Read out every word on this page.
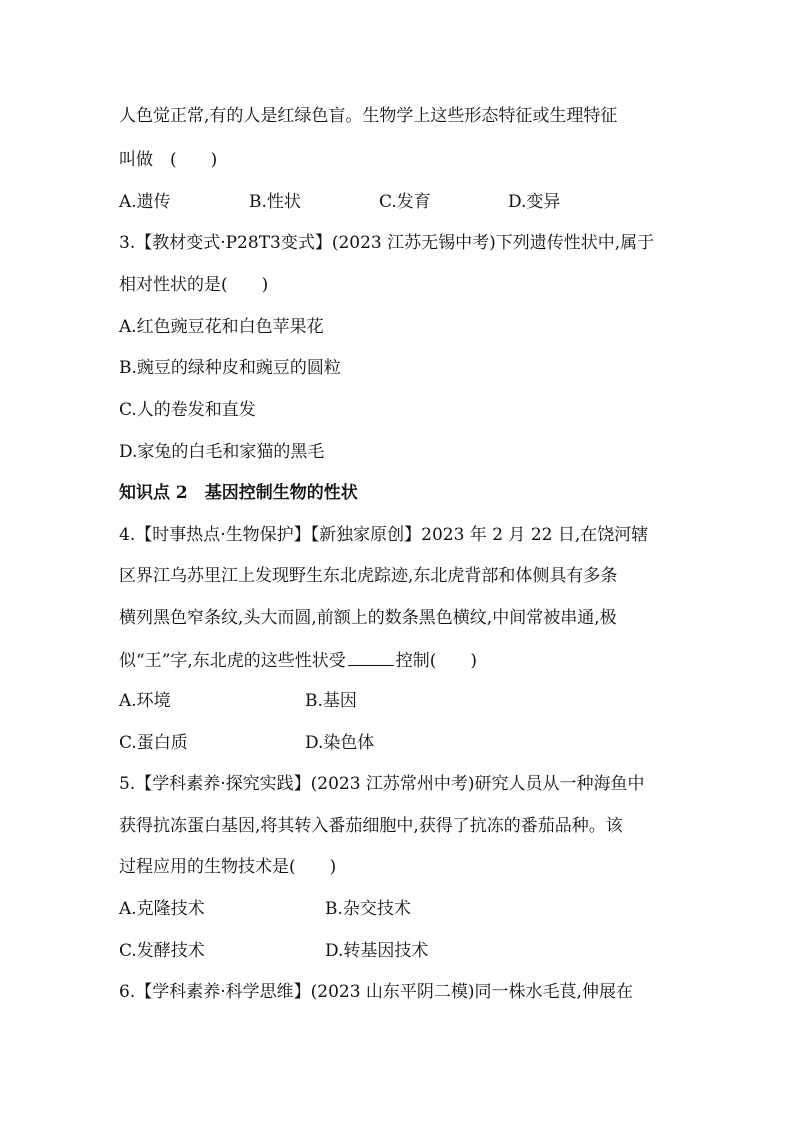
人色觉正常,有的人是红绿色盲。生物学上这些形态特征或生理特征
叫做　(　　)
A.遗传	B.性状	C.发育	D.变异
3.【教材变式·P28T3变式】(2023 江苏无锡中考)下列遗传性状中,属于
相对性状的是(　　)
A.红色豌豆花和白色苹果花
B.豌豆的绿种皮和豌豆的圆粒
C.人的卷发和直发
D.家兔的白毛和家猫的黑毛
知识点 2　基因控制生物的性状
4.【时事热点·生物保护】【新独家原创】2023 年 2 月 22 日,在饶河辖
区界江乌苏里江上发现野生东北虎踪迹,东北虎背部和体侧具有多条
横列黑色窄条纹,头大而圆,前额上的数条黑色横纹,中间常被串通,极
似“王”字,东北虎的这些性状受	控制(　　)
A.环境	B.基因
C.蛋白质	D.染色体
5.【学科素养·探究实践】(2023 江苏常州中考)研究人员从一种海鱼中
获得抗冻蛋白基因,将其转入番茄细胞中,获得了抗冻的番茄品种。该
过程应用的生物技术是(　　)
A.克隆技术	B.杂交技术
C.发酵技术	D.转基因技术
6.【学科素养·科学思维】(2023 山东平阴二模)同一株水毛茛,伸展在
